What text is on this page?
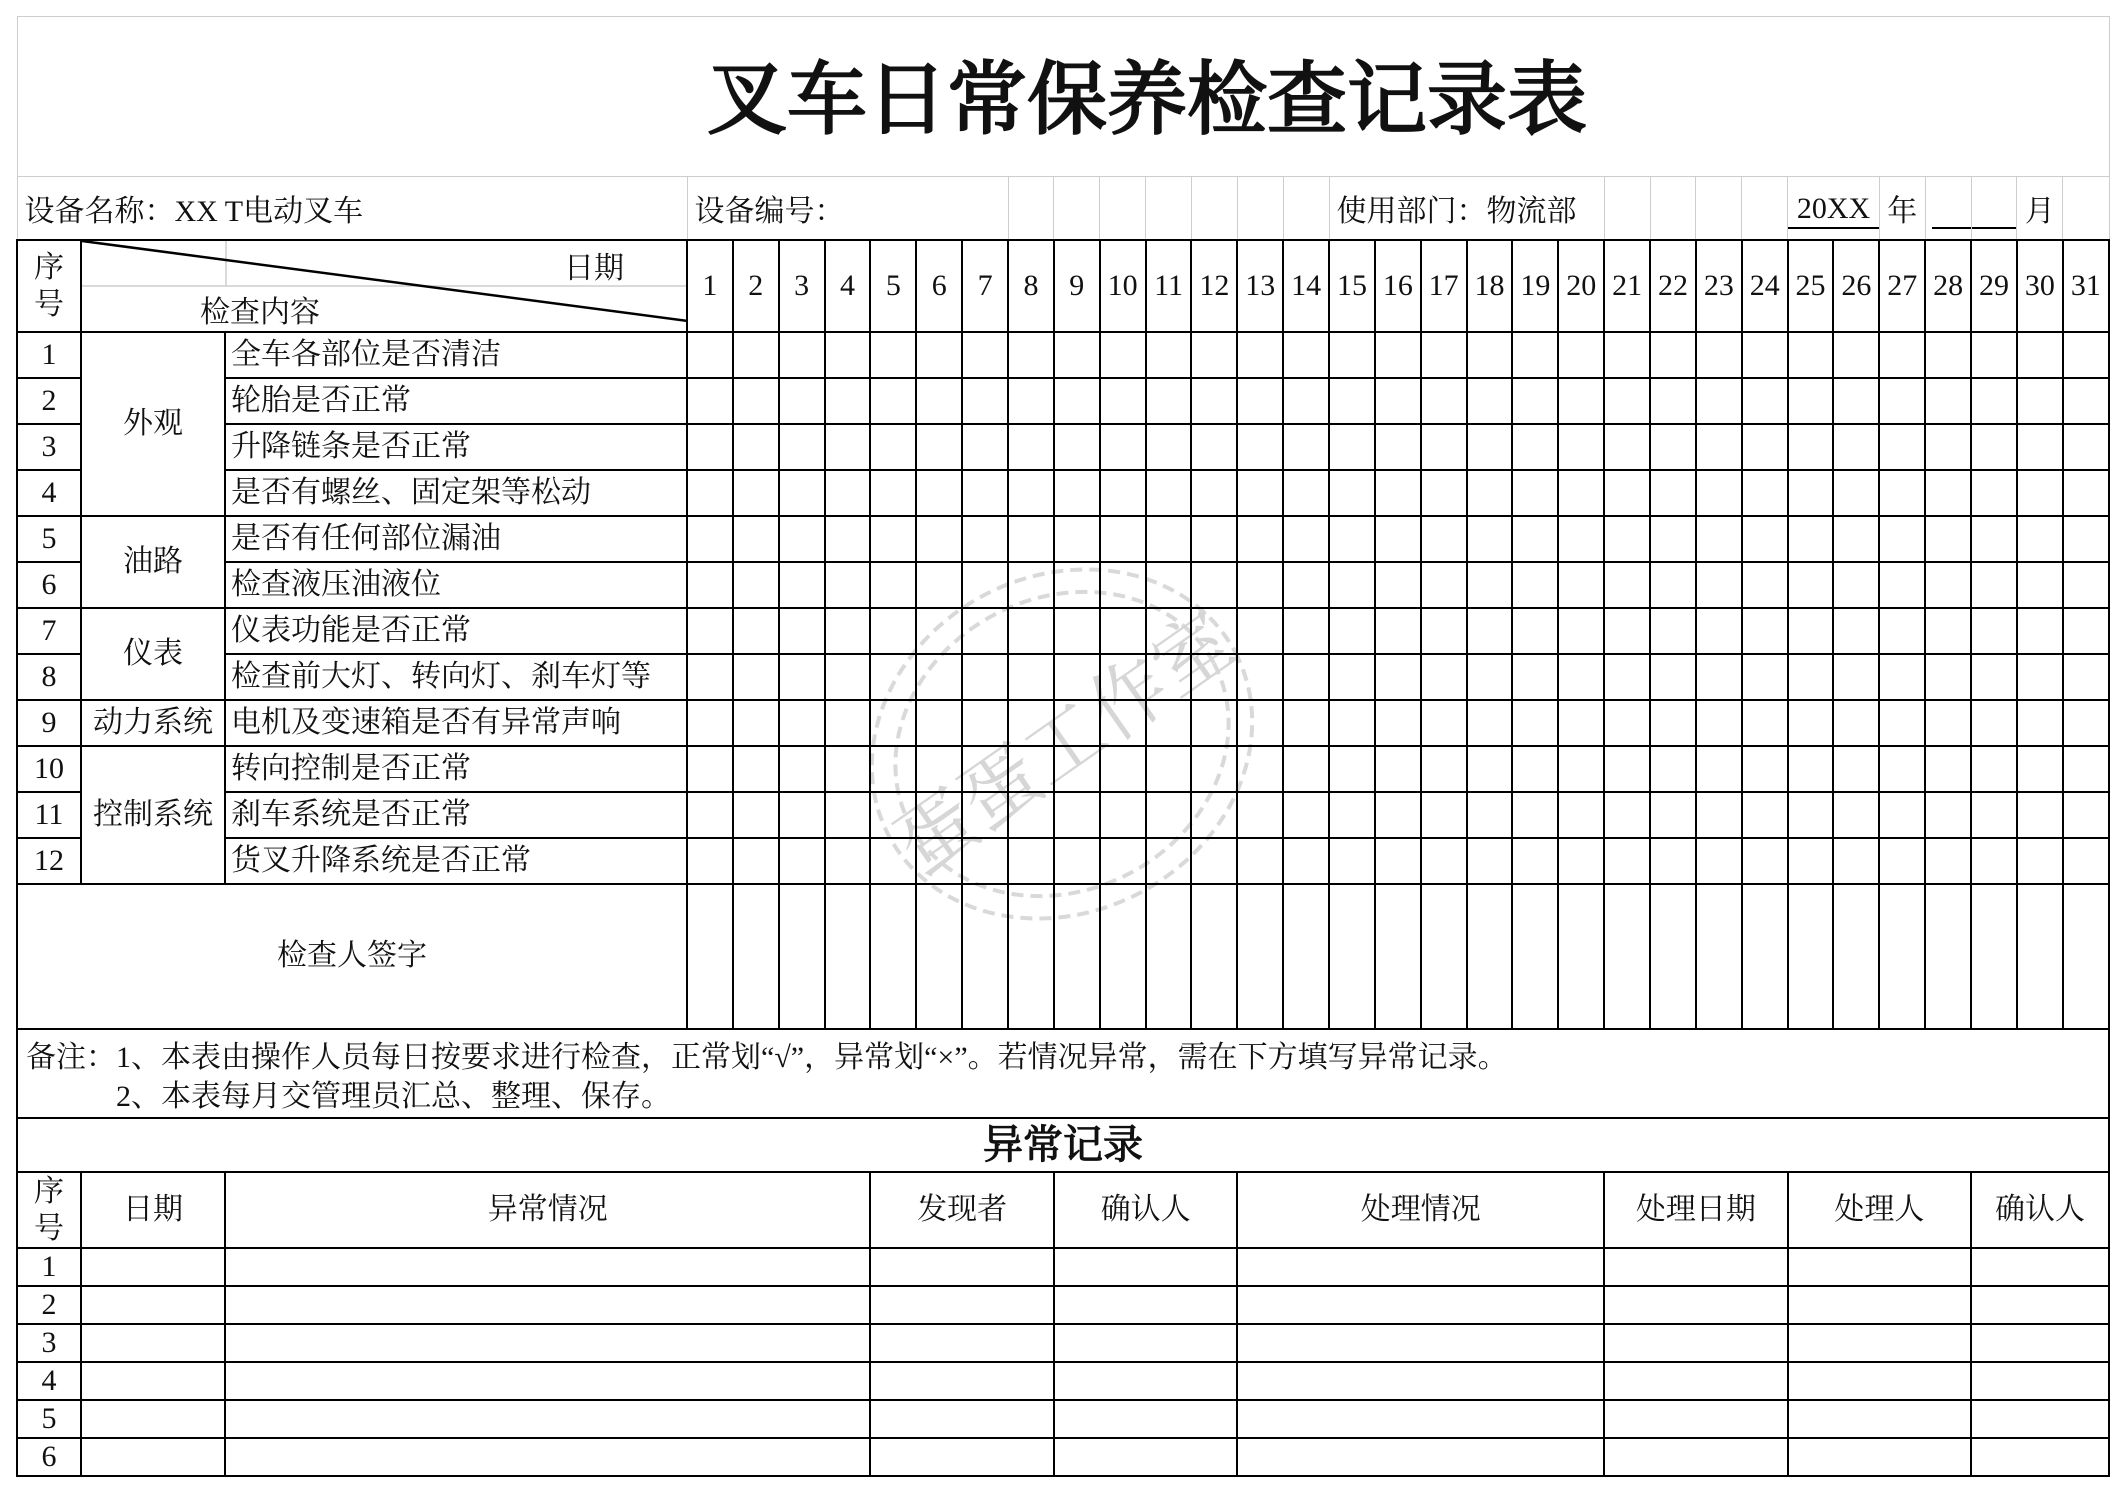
蛋蛋工作室
叉车日常保养检查记录表																																	
设备名称：XX T电动叉车			设备编号：														使用部门：物流部										20XX		年			月	
序号	日期
检查内容		1	2	3	4	5	6	7	8	9	10	11	12	13	14	15	16	17	18	19	20	21	22	23	24	25	26	27	28	29	30	31
1	外观	全车各部位是否清洁																															
2		轮胎是否正常																															
3		升降链条是否正常																															
4		是否有螺丝、固定架等松动																															
5	油路	是否有任何部位漏油																															
6		检查液压油液位																															
7	仪表	仪表功能是否正常																															
8		检查前大灯、转向灯、刹车灯等																															
9	动力系统	电机及变速箱是否有异常声响																															
10	控制系统	转向控制是否正常																															
11		刹车系统是否正常																															
12		货叉升降系统是否正常																															
检查人签字																																	

备注： 1、本表由操作人员每日按要求进行检查，正常划“√”，异常划“×”。若情况异常，需在下方填写异常记录。
2、本表每月交管理员汇总、整理、保存。																																	

异常记录																																	
序号	日期	异常情况					发现者				确认人				处理情况								处理日期				处理人				确认人		
1																																	
2																																	
3																																	
4																																	
5																																	
6																																	
